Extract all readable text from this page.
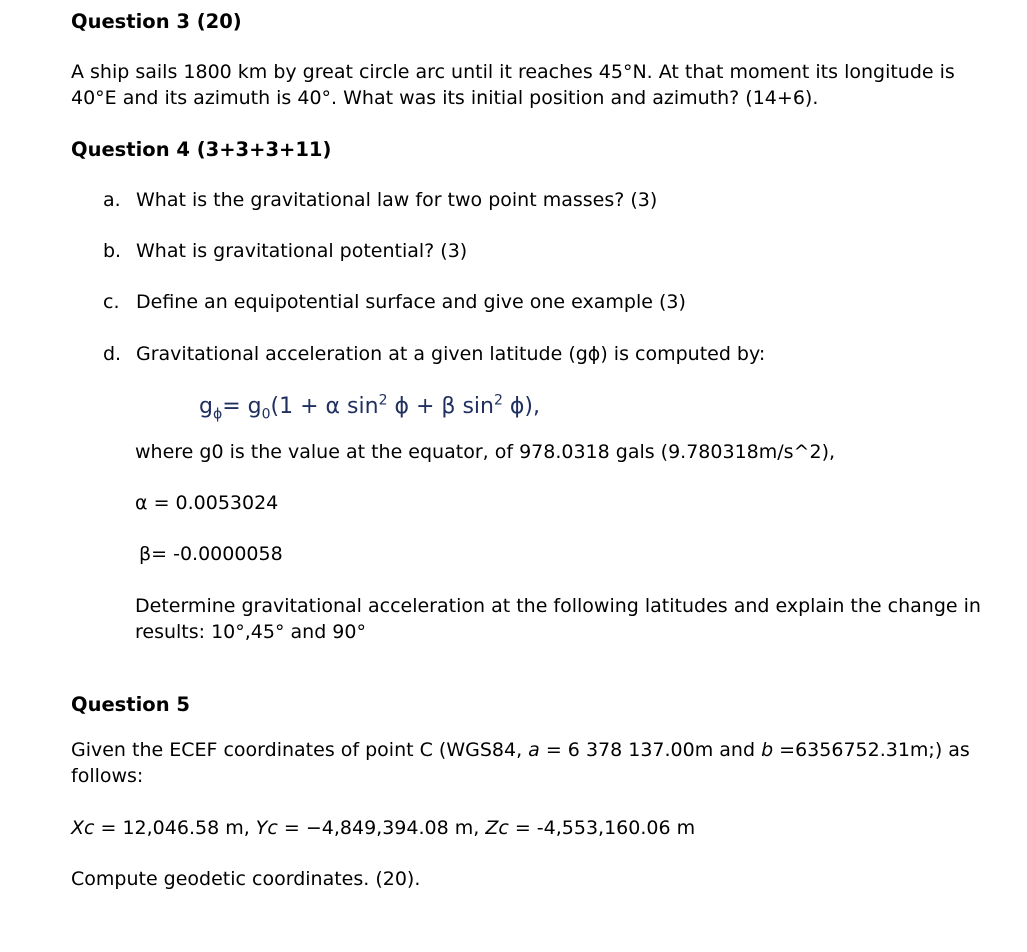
Question 3 (20)
A ship sails 1800 km by great circle arc until it reaches 45°N. At that moment its longitude is
40°E and its azimuth is 40°. What was its initial position and azimuth? (14+6).
Question 4 (3+3+3+11)
a. What is the gravitational law for two point masses? (3)
b. What is gravitational potential? (3)
c. Define an equipotential surface and give one example (3)
d. Gravitational acceleration at a given latitude (gϕ) is computed by:
$g_\phi= g_0(1 + \alpha$ $\sin^2 \phi + \beta$ $\sin^2 \phi$),
where g0 is the value at the equator, of 978.0318 gals (9.780318m/s^2),
α = 0.0053024
β= -0.0000058
Determine gravitational acceleration at the following latitudes and explain the change in
results: 10°,45° and 90°
Question 5
Given the ECEF coordinates of point C (WGS84, a = 6 378 137.00m and b =6356752.31m;) as
follows:
Xc = 12,046.58 m, Yc = −4,849,394.08 m, Zc = -4,553,160.06 m
Compute geodetic coordinates. (20).
